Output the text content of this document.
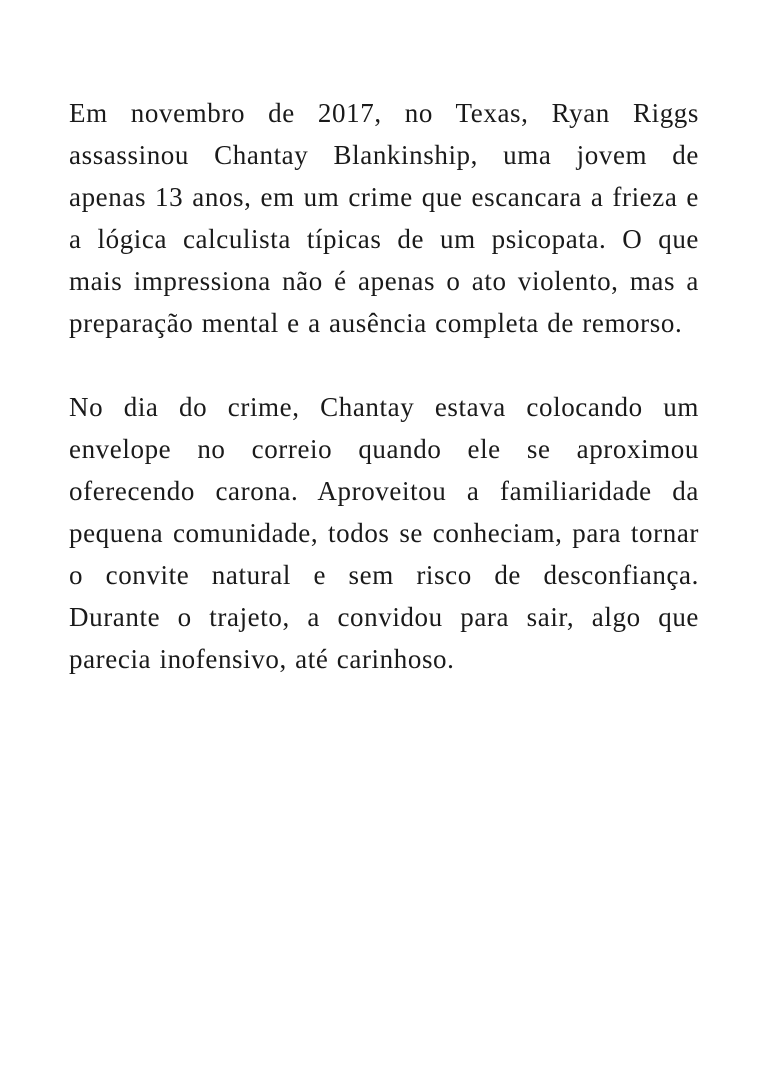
Em novembro de 2017, no Texas, Ryan Riggs assassinou Chantay Blankinship, uma jovem de apenas 13 anos, em um crime que escancara a frieza e a lógica calculista típicas de um psicopata. O que mais impressiona não é apenas o ato violento, mas a preparação mental e a ausência completa de remorso.

No dia do crime, Chantay estava colocando um envelope no correio quando ele se aproximou oferecendo carona. Aproveitou a familiaridade da pequena comunidade, todos se conheciam, para tornar o convite natural e sem risco de desconfiança. Durante o trajeto, a convidou para sair, algo que parecia inofensivo, até carinhoso.
